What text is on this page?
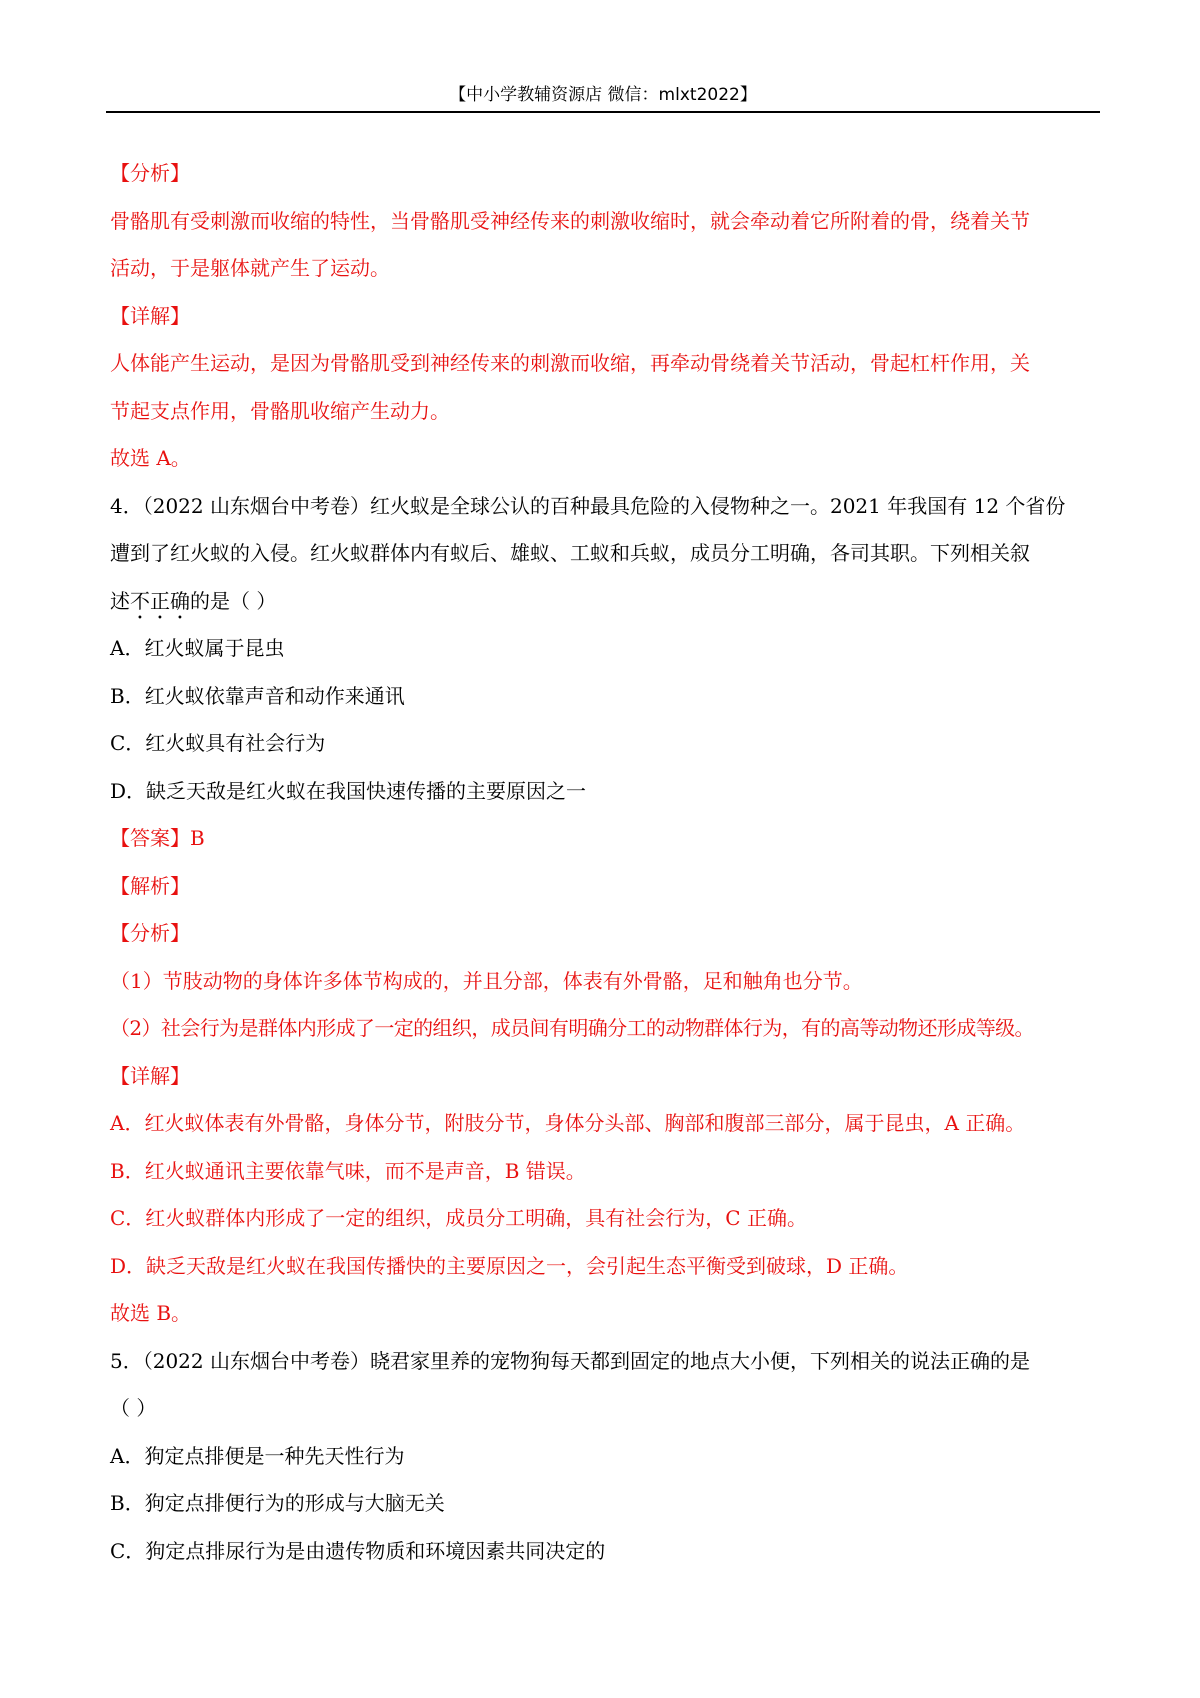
【中小学教辅资源店 微信：mlxt2022】

【分析】

骨骼肌有受刺激而收缩的特性，当骨骼肌受神经传来的刺激收缩时，就会牵动着它所附着的骨，绕着关节

活动，于是躯体就产生了运动。

【详解】

人体能产生运动，是因为骨骼肌受到神经传来的刺激而收缩，再牵动骨绕着关节活动，骨起杠杆作用，关

节起支点作用，骨骼肌收缩产生动力。

故选 A。

4．（2022 山东烟台中考卷）红火蚁是全球公认的百种最具危险的入侵物种之一。2021 年我国有 12 个省份

遭到了红火蚁的入侵。红火蚁群体内有蚁后、雄蚁、工蚁和兵蚁，成员分工明确，各司其职。下列相关叙

述不正确的是（ ）

A．红火蚁属于昆虫

B．红火蚁依靠声音和动作来通讯

C．红火蚁具有社会行为

D．缺乏天敌是红火蚁在我国快速传播的主要原因之一

【答案】B

【解析】

【分析】

（1）节肢动物的身体许多体节构成的，并且分部，体表有外骨骼，足和触角也分节。

（2）社会行为是群体内形成了一定的组织，成员间有明确分工的动物群体行为，有的高等动物还形成等级。

【详解】

A．红火蚁体表有外骨骼，身体分节，附肢分节，身体分头部、胸部和腹部三部分，属于昆虫，A 正确。

B．红火蚁通讯主要依靠气味，而不是声音，B 错误。

C．红火蚁群体内形成了一定的组织，成员分工明确，具有社会行为，C 正确。

D．缺乏天敌是红火蚁在我国传播快的主要原因之一，会引起生态平衡受到破球，D 正确。

故选 B。

5．（2022 山东烟台中考卷）晓君家里养的宠物狗每天都到固定的地点大小便，下列相关的说法正确的是

（ ）

A．狗定点排便是一种先天性行为

B．狗定点排便行为的形成与大脑无关

C．狗定点排尿行为是由遗传物质和环境因素共同决定的
